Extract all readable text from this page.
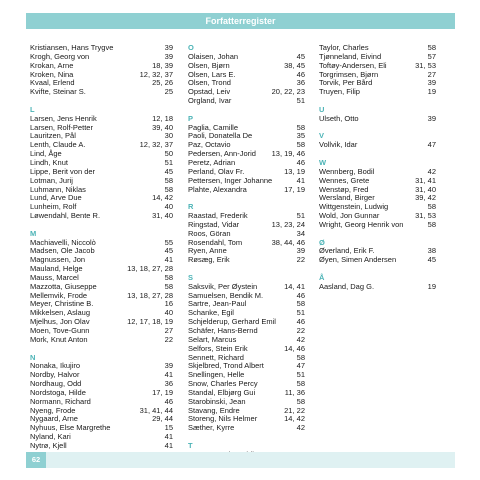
Forfatterregister
Kristiansen, Hans Trygve	39
Krogh, Georg von	39
Krokan, Arne	18, 39
Kroken, Nina	12, 32, 37
Kvaal, Erlend	25, 26
Kvifte, Steinar S.	25
L
Larsen, Jens Henrik	12, 18
Larsen, Rolf-Petter	39, 40
Lauritzen, Pål	30
Lenth, Claude A.	12, 32, 37
Lind, Åge	50
Lindh, Knut	51
Lippe, Berit von der	45
Lotman, Jurij	58
Luhmann, Niklas	58
Lund, Arve Due	14, 42
Lunheim, Rolf	40
Løwendahl, Bente R.	31, 40
M
Machiavelli, Niccolò	55
Madsen, Ole Jacob	45
Magnussen, Jon	41
Mauland, Helge	13, 18, 27, 28
Mauss, Marcel	58
Mazzotta, Giuseppe	58
Mellemvik, Frode	13, 18, 27, 28
Meyer, Christine B.	16
Mikkelsen, Aslaug	40
Mjelhus, Jon Olav	12, 17, 18, 19
Moen, Tove-Gunn	27
Mork, Knut Anton	22
N
Nonaka, Ikujiro	39
Nordby, Halvor	41
Nordhaug, Odd	36
Nordstoga, Hilde	17, 19
Normann, Richard	46
Nyeng, Frode	31, 41, 44
Nygaard, Arne	29, 44
Nyhuus, Else Margrethe	15
Nyland, Kari	41
Nytrø, Kjell	41
O
Olaisen, Johan	45
Olsen, Bjørn	38, 45
Olsen, Lars E.	46
Olsen, Trond	36
Opstad, Leiv	20, 22, 23
Orgland, Ivar	51
P
Paglia, Camille	58
Paoli, Donatella De	35
Paz, Octavio	58
Pedersen, Ann-Jorid	13, 19, 46
Peretz, Adrian	46
Perland, Olav Fr.	13, 19
Pettersen, Inger Johanne	41
Plahte, Alexandra	17, 19
R
Raastad, Frederik	51
Ringstad, Vidar	13, 23, 24
Roos, Göran	34
Rosendahl, Tom	38, 44, 46
Ryen, Anne	39
Røsæg, Erik	22
S
Saksvik, Per Øystein	14, 41
Samuelsen, Bendik M.	46
Sartre, Jean-Paul	58
Schanke, Egil	51
Schjelderup, Gerhard Emil	46
Schäfer, Hans-Bernd	22
Selart, Marcus	42
Selfors, Stein Erik	14, 46
Sennett, Richard	58
Skjelbred, Trond Albert	47
Snellingen, Helle	51
Snow, Charles Percy	58
Standal, Elbjørg Gui	11, 36
Starobinski, Jean	58
Stavang, Endre	21, 22
Storeng, Nils Helmer	14, 42
Sæther, Kyrre	42
T
Taylor, Charles	58
Tjønneland, Eivind	57
Toftøy-Andersen, Eli	31, 53
Torgrimsen, Bjørn	27
Torvik, Per Bård	39
Truyen, Filip	19
U
Ulseth, Otto	39
V
Vollvik, Idar	47
W
Wennberg, Bodil	42
Wennes, Grete	31, 41
Wenstøp, Fred	31, 40
Wersland, Birger	39, 42
Wittgenstein, Ludwig	58
Wold, Jon Gunnar	31, 53
Wright, Georg Henrik von	58
Ø
Øverland, Erik F.	38
Øyen, Simen Andersen	45
Å
Aasland, Dag G.	19
62
